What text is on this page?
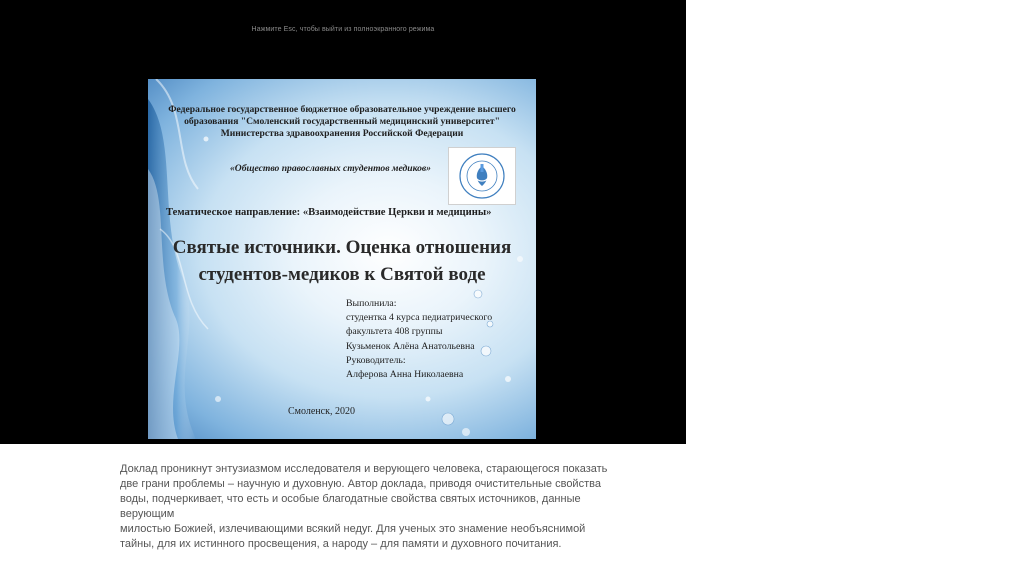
Нажмите Esc, чтобы выйти из полноэкранного режима
Федеральное государственное бюджетное образовательное учреждение высшего
образования "Смоленский государственный медицинский университет"
Министерства здравоохранения Российской Федерации
«Общество православных студентов медиков»
Тематическое направление: «Взаимодействие Церкви и медицины»
Святые источники. Оценка отношения
студентов-медиков к Святой воде
Выполнила:
студентка 4 курса педиатрического
факультета 408 группы
Кузьменок Алёна Анатольевна
Руководитель:
Алферова Анна Николаевна
Смоленск, 2020

Доклад проникнут энтузиазмом исследователя и верующего человека, старающегося показать две грани проблемы – научную и духовную. Автор доклада, приводя очистительные свойства воды, подчеркивает, что есть и особые благодатные свойства святых источников, данные верующим

милостью Божией, излечивающими всякий недуг. Для ученых это знамение необъяснимой тайны, для их истинного просвещения, а народу – для памяти и духовного почитания.
